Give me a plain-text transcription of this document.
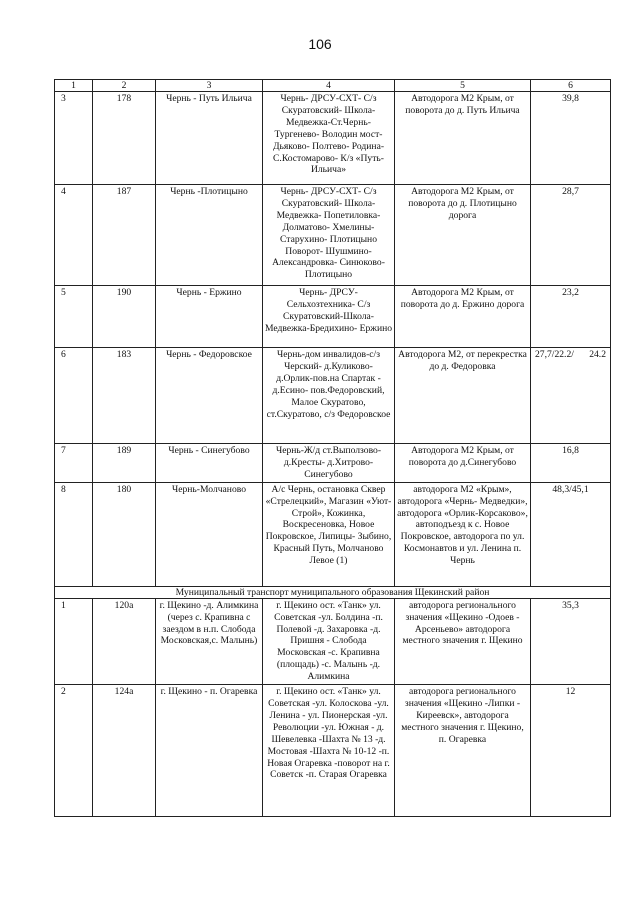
106
1	2	3	4	5	6
3	178	Чернь - Путь Ильича	Чернь- ДРСУ-СХТ- С/з Скуратовский- Школа- Медвежка-Ст.Чернь- Тургенево- Володин мост- Дьяково- Полтево- Родина- С.Костомарово- К/з «Путь-Ильича»	Автодорога М2 Крым, от поворота до д. Путь Ильича	39,8
4	187	Чернь -Плотицыно	Чернь- ДРСУ-СХТ- С/з Скуратовский- Школа- Медвежка- Попетиловка- Долматово- Хмелины- Старухино- Плотицыно Поворот- Шушмино- Александровка- Синюково- Плотицыно	Автодорога М2 Крым, от поворота до д. Плотицыно дорога	28,7
5	190	Чернь - Ержино	Чернь- ДРСУ- Сельхозтехника- С/з Скуратовский-Школа- Медвежка-Бредихино- Ержино	Автодорога М2 Крым, от поворота до д. Ержино дорога	23,2
6	183	Чернь - Федоровское	Чернь-дом инвалидов-с/з Черский- д.Куликово- д.Орлик-пов.на Спартак - д.Есино- пов.Федоровский, Малое Скуратово, ст.Скуратово, с/з Федоровское	Автодорога М2, от перекрестка до д. Федоровка	27,7/22.2/ 24.2

7	189	Чернь - Синегубово	Чернь-Ж/д ст.Выползово- д.Кресты- д.Хитрово- Синегубово	Автодорога М2 Крым, от поворота до д.Синегубово	16,8
8	180	Чернь-Молчаново	А/с Чернь, остановка Сквер «Стрелецкий», Магазин «Уют-Строй», Кожинка, Воскресеновка, Новое Покровское, Липицы- Зыбино, Красный Путь, Молчаново Левое (1)	автодорога М2 «Крым», автодорога «Чернь- Медведки», автодорога «Орлик-Корсаково», автоподъезд к с. Новое Покровское, автодорога по ул. Космонавтов и ул. Ленина п. Чернь	48,3/45,1
Муниципальный транспорт муниципального образования Щекинский район					
1	120а	г. Щекино -д. Алимкина (через с. Крапивна с заездом в н.п. Слобода Московская,с. Малынь)	г. Щекино ост. «Танк» ул. Советская -ул. Болдина -п. Полевой -д. Захаровка -д. Пришня - Слобода Московская -с. Крапивна (площадь) -с. Малынь -д. Алимкина	автодорога регионального значения «Щекино -Одоев - Арсеньево» автодорога местного значения г. Щекино	35,3
2	124а	г. Щекино - п. Огаревка	г. Щекино ост. «Танк» ул. Советская -ул. Колоскова -ул. Ленина - ул. Пионерская -ул. Революции -ул. Южная - д. Шевелевка -Шахта № 13 -д. Мостовая -Шахта № 10-12 -п. Новая Огаревка -поворот на г. Советск -п. Старая Огаревка	автодорога регионального значения «Щекино -Липки - Киреевск», автодорога местного значения г. Щекино, п. Огаревка	12
